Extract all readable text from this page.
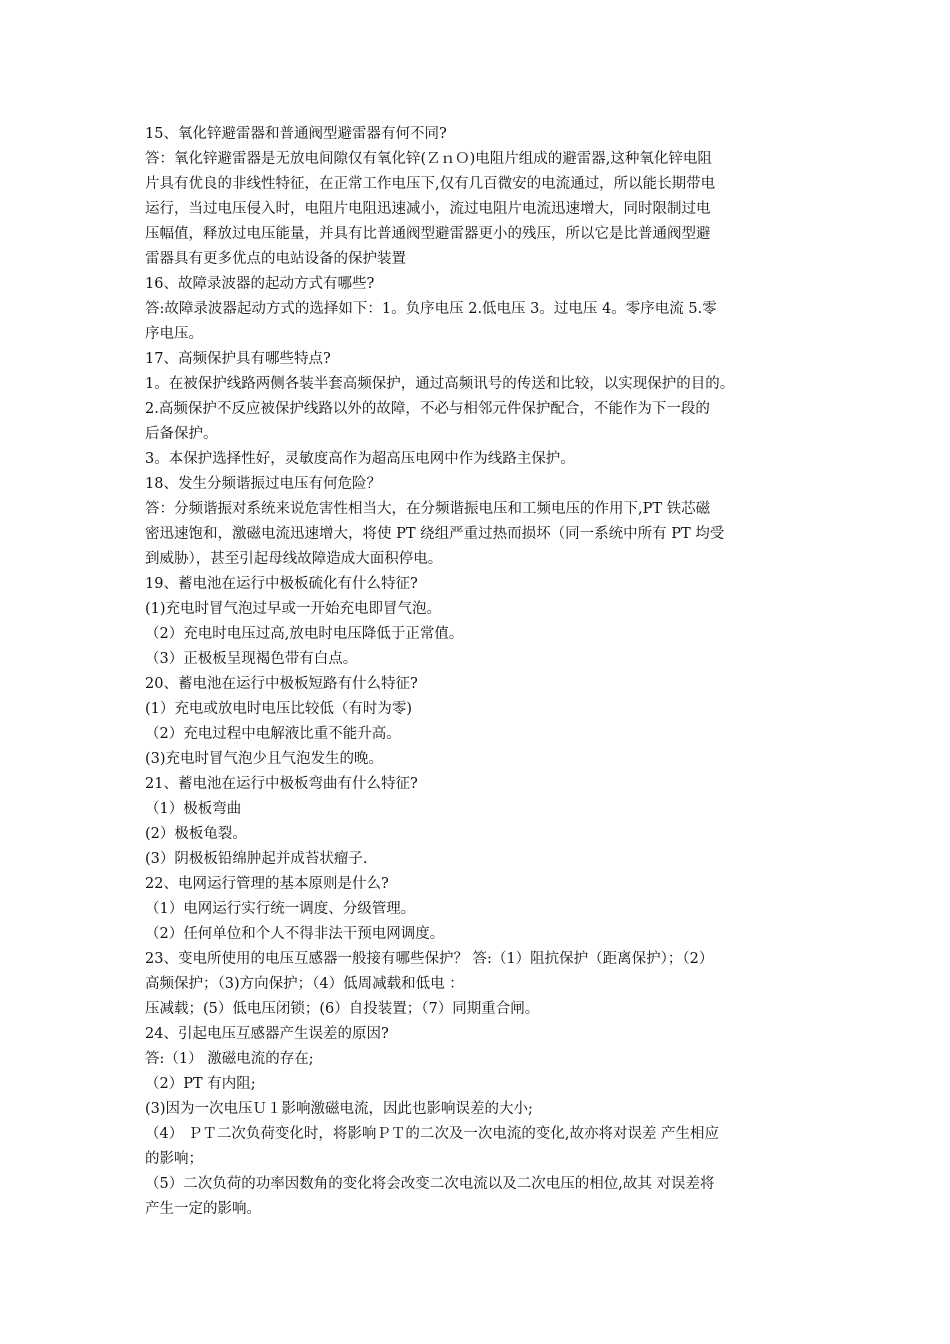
15、氧化锌避雷器和普通阀型避雷器有何不同?
答：氧化锌避雷器是无放电间隙仅有氧化锌(ＺｎＯ)电阻片组成的避雷器,这种氧化锌电阻
片具有优良的非线性特征，在正常工作电压下,仅有几百微安的电流通过，所以能长期带电
运行，当过电压侵入时，电阻片电阻迅速减小，流过电阻片电流迅速增大，同时限制过电
压幅值，释放过电压能量，并具有比普通阀型避雷器更小的残压，所以它是比普通阀型避
雷器具有更多优点的电站设备的保护装置
16、故障录波器的起动方式有哪些?
答:故障录波器起动方式的选择如下：1。负序电压 2.低电压 3。过电压 4。零序电流 5.零
序电压。
17、高频保护具有哪些特点?
1。在被保护线路两侧各装半套高频保护，通过高频讯号的传送和比较，以实现保护的目的。
2.高频保护不反应被保护线路以外的故障，不必与相邻元件保护配合，不能作为下一段的
后备保护。
3。本保护选择性好，灵敏度高作为超高压电网中作为线路主保护。
18、发生分频谐振过电压有何危险？
答：分频谐振对系统来说危害性相当大，在分频谐振电压和工频电压的作用下,PT 铁芯磁
密迅速饱和，激磁电流迅速增大，将使 PT 绕组严重过热而损坏（同一系统中所有 PT 均受
到威胁），甚至引起母线故障造成大面积停电。
19、蓄电池在运行中极板硫化有什么特征?
(1)充电时冒气泡过早或一开始充电即冒气泡。
（2）充电时电压过高,放电时电压降低于正常值。
（3）正极板呈现褐色带有白点。
20、蓄电池在运行中极板短路有什么特征?
(1）充电或放电时电压比较低（有时为零)
（2）充电过程中电解液比重不能升高。
(3)充电时冒气泡少且气泡发生的晚。
21、蓄电池在运行中极板弯曲有什么特征?
（1）极板弯曲
(2）极板龟裂。
(3）阴极板铅绵肿起并成苔状瘤子.
22、电网运行管理的基本原则是什么?
（1）电网运行实行统一调度、分级管理。
（2）任何单位和个人不得非法干预电网调度。
23、变电所使用的电压互感器一般接有哪些保护？ 答:（1）阻抗保护（距离保护）；（2）
高频保护；（3)方向保护；（4）低周减载和低电 ：
压减载；(5）低电压闭锁；(6）自投装置；（7）同期重合闸。
24、引起电压互感器产生误差的原因?
答:（1） 激磁电流的存在;
（2）PT 有内阻;
(3)因为一次电压Ｕ１影响激磁电流，因此也影响误差的大小;
（4） ＰＴ二次负荷变化时，将影响ＰＴ的二次及一次电流的变化,故亦将对误差 产生相应
的影响；
（5）二次负荷的功率因数角的变化将会改变二次电流以及二次电压的相位,故其 对误差将
产生一定的影响。
